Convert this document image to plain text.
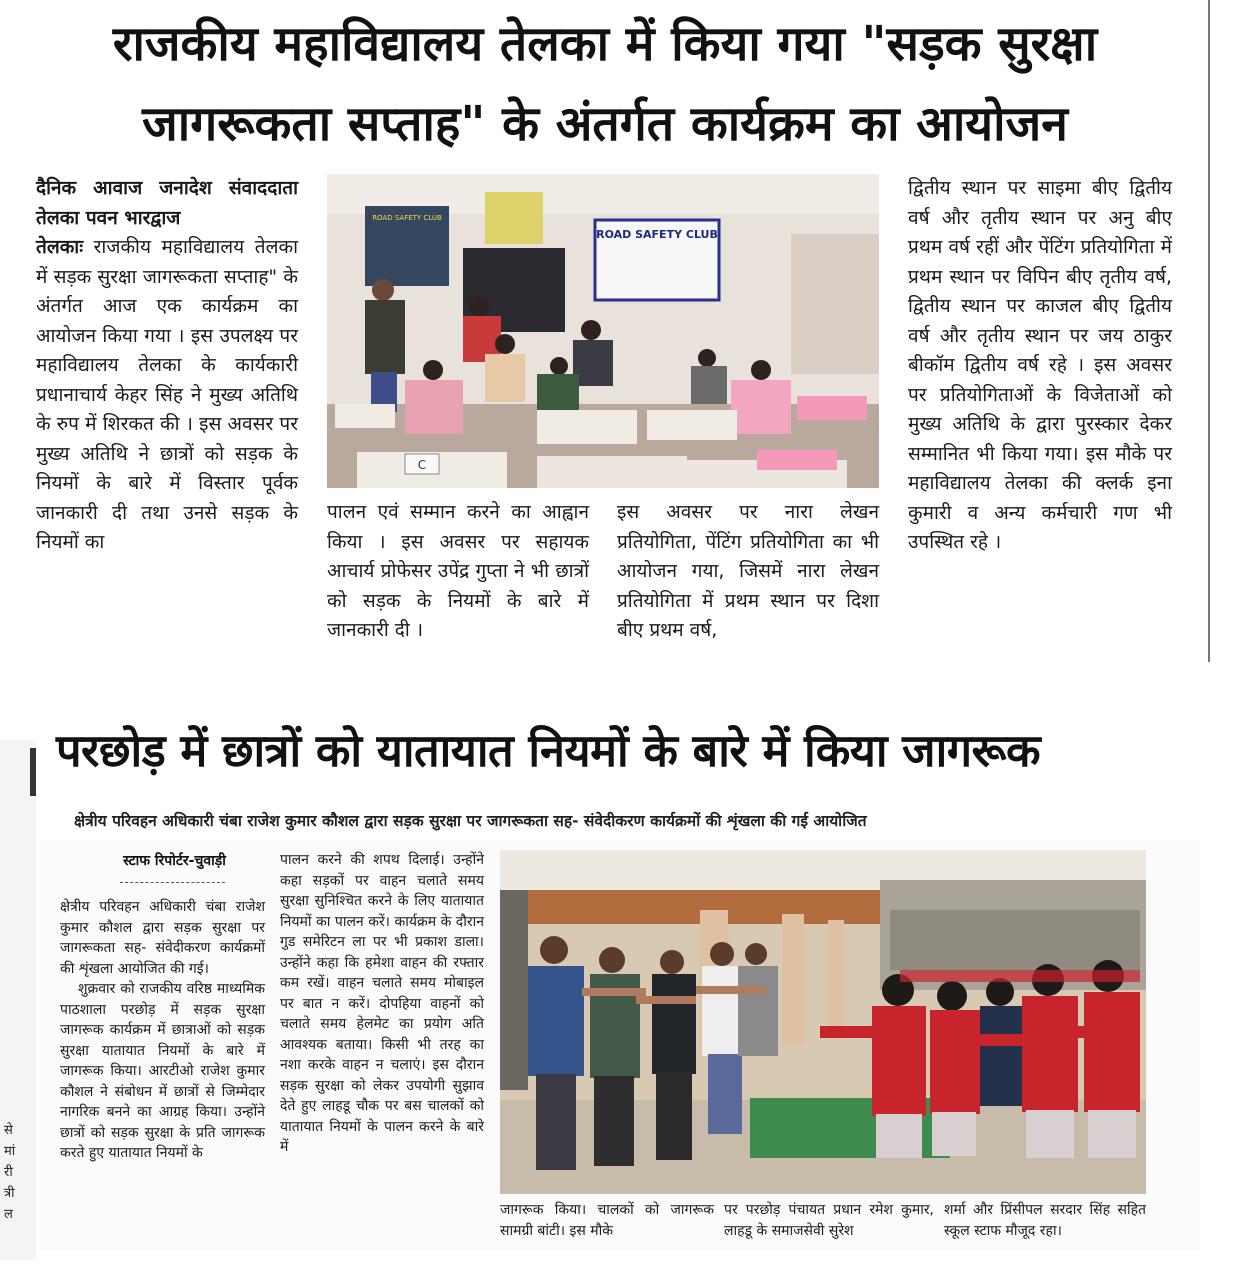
राजकीय महाविद्यालय तेलका में किया गया "सड़क सुरक्षा
जागरूकता सप्ताह" के अंतर्गत कार्यक्रम का आयोजन
दैनिक आवाज जनादेश संवाददाता तेलका पवन भारद्वाज
तेलकाः राजकीय महाविद्यालय तेलका में सड़क सुरक्षा जागरूकता सप्ताह" के अंतर्गत आज एक कार्यक्रम का आयोजन किया गया । इस उपलक्ष्य पर महाविद्यालय तेलका के कार्यकारी प्रधानाचार्य केहर सिंह ने मुख्य अतिथि के रुप में शिरकत की । इस अवसर पर मुख्य अतिथि ने छात्रों को सड़क के नियमों के बारे में विस्तार पूर्वक जानकारी दी तथा उनसे सड़क के नियमों का
ROAD SAFETY CLUB
ROAD SAFETY CLUB
C
पालन एवं सम्मान करने का आह्वान किया । इस अवसर पर सहायक आचार्य प्रोफेसर उपेंद्र गुप्ता ने भी छात्रों को सड़क के नियमों के बारे में जानकारी दी ।
इस अवसर पर नारा लेखन प्रतियोगिता, पेंटिंग प्रतियोगिता का भी आयोजन गया, जिसमें नारा लेखन प्रतियोगिता में प्रथम स्थान पर दिशा बीए प्रथम वर्ष,
द्वितीय स्थान पर साइमा बीए द्वितीय वर्ष और तृतीय स्थान पर अनु बीए प्रथम वर्ष रहीं और पेंटिंग प्रतियोगिता में प्रथम स्थान पर विपिन बीए तृतीय वर्ष, द्वितीय स्थान पर काजल बीए द्वितीय वर्ष और तृतीय स्थान पर जय ठाकुर बीकॉम द्वितीय वर्ष रहे । इस अवसर पर प्रतियोगिताओं के विजेताओं को मुख्य अतिथि के द्वारा पुरस्कार देकर सम्मानित भी किया गया। इस मौके पर महाविद्यालय तेलका की क्लर्क इना कुमारी व अन्य कर्मचारी गण भी उपस्थित रहे ।
से
मां
री
त्री
ल
परछोड़ में छात्रों को यातायात नियमों के बारे में किया जागरूक
क्षेत्रीय परिवहन अधिकारी चंबा राजेश कुमार कौशल द्वारा सड़क सुरक्षा पर जागरूकता सह- संवेदीकरण कार्यक्रमों की शृंखला की गई आयोजित
स्टाफ रिपोर्टर-चुवाड़ी
क्षेत्रीय परिवहन अधिकारी चंबा राजेश कुमार कौशल द्वारा सड़क सुरक्षा पर जागरूकता सह- संवेदीकरण कार्यक्रमों की शृंखला आयोजित की गई।
शुक्रवार को राजकीय वरिष्ठ माध्यमिक पाठशाला परछोड़ में सड़क सुरक्षा जागरूक कार्यक्रम में छात्राओं को सड़क सुरक्षा यातायात नियमों के बारे में जागरूक किया। आरटीओ राजेश कुमार कौशल ने संबोधन में छात्रों से जिम्मेदार नागरिक बनने का आग्रह किया। उन्होंने छात्रों को सड़क सुरक्षा के प्रति जागरूक करते हुए यातायात नियमों के
पालन करने की शपथ दिलाई। उन्होंने कहा सड़कों पर वाहन चलाते समय सुरक्षा सुनिश्चित करने के लिए यातायात नियमों का पालन करें। कार्यक्रम के दौरान गुड समेरिटन ला पर भी प्रकाश डाला। उन्होंने कहा कि हमेशा वाहन की रफ्तार कम रखें। वाहन चलाते समय मोबाइल पर बात न करें। दोपहिया वाहनों को चलाते समय हेलमेट का प्रयोग अति आवश्यक बताया। किसी भी तरह का नशा करके वाहन न चलाएं। इस दौरान सड़क सुरक्षा को लेकर उपयोगी सुझाव देते हुए लाहडू चौक पर बस चालकों को यातायात नियमों के पालन करने के बारे में
जागरूक किया। चालकों को जागरूक सामग्री बांटी। इस मौके
पर परछोड़ पंचायत प्रधान रमेश कुमार, लाहडू के समाजसेवी सुरेश
शर्मा और प्रिंसीपल सरदार सिंह सहित स्कूल स्टाफ मौजूद रहा।
